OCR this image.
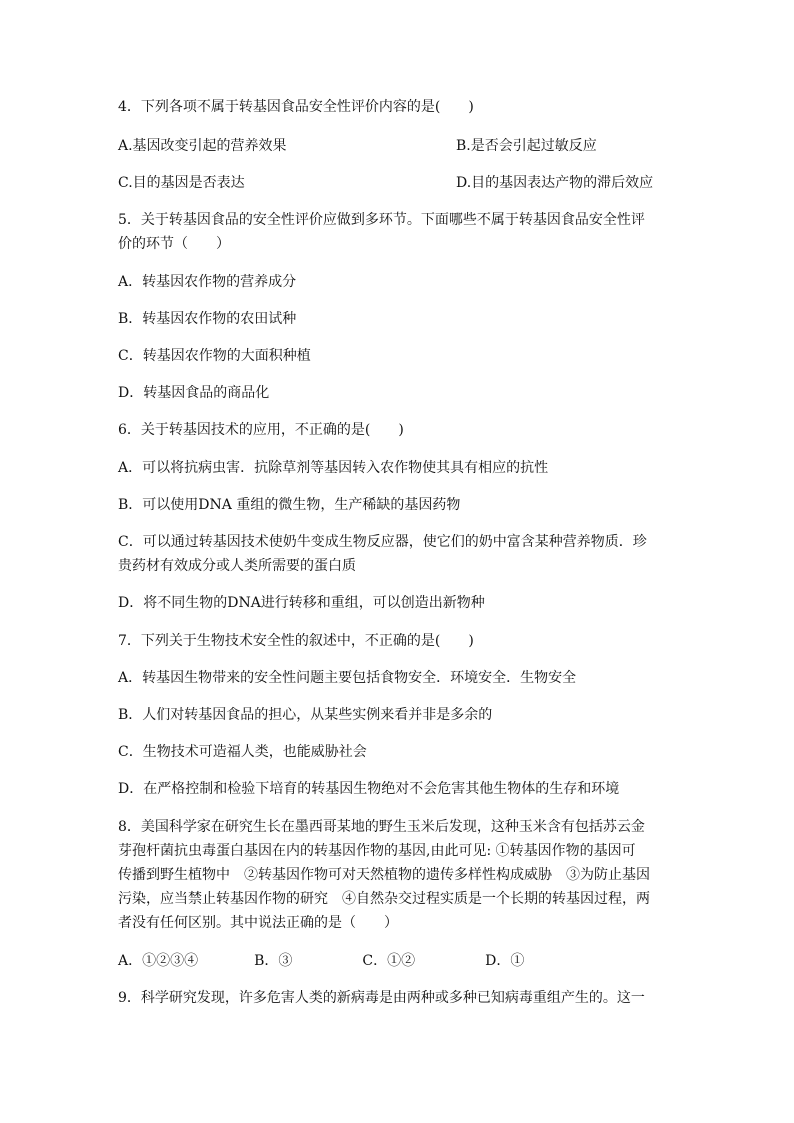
4．下列各项不属于转基因食品安全性评价内容的是(　　)
A.基因改变引起的营养效果	B.是否会引起过敏反应
C.目的基因是否表达	D.目的基因表达产物的滞后效应
5．关于转基因食品的安全性评价应做到多环节。下面哪些不属于转基因食品安全性评
价的环节（　　）
A．转基因农作物的营养成分
B．转基因农作物的农田试种
C．转基因农作物的大面积种植
D．转基因食品的商品化
6．关于转基因技术的应用，不正确的是(　　)
A．可以将抗病虫害．抗除草剂等基因转入农作物使其具有相应的抗性
B．可以使用DNA 重组的微生物，生产稀缺的基因药物
C．可以通过转基因技术使奶牛变成生物反应器，使它们的奶中富含某种营养物质．珍
贵药材有效成分或人类所需要的蛋白质
D．将不同生物的DNA进行转移和重组，可以创造出新物种
7．下列关于生物技术安全性的叙述中，不正确的是(　　)
A．转基因生物带来的安全性问题主要包括食物安全．环境安全．生物安全
B．人们对转基因食品的担心，从某些实例来看并非是多余的
C．生物技术可造福人类，也能威胁社会
D．在严格控制和检验下培育的转基因生物绝对不会危害其他生物体的生存和环境
8．美国科学家在研究生长在墨西哥某地的野生玉米后发现，这种玉米含有包括苏云金
芽孢杆菌抗虫毒蛋白基因在内的转基因作物的基因,由此可见: ①转基因作物的基因可
传播到野生植物中　②转基因作物可对天然植物的遗传多样性构成威胁　③为防止基因
污染，应当禁止转基因作物的研究　④自然杂交过程实质是一个长期的转基因过程，两
者没有任何区别。其中说法正确的是（　　）
A．①②③④　　　　B．③　　　　　C．①②　　　　　D．①
9．科学研究发现，许多危害人类的新病毒是由两种或多种已知病毒重组产生的。这一
